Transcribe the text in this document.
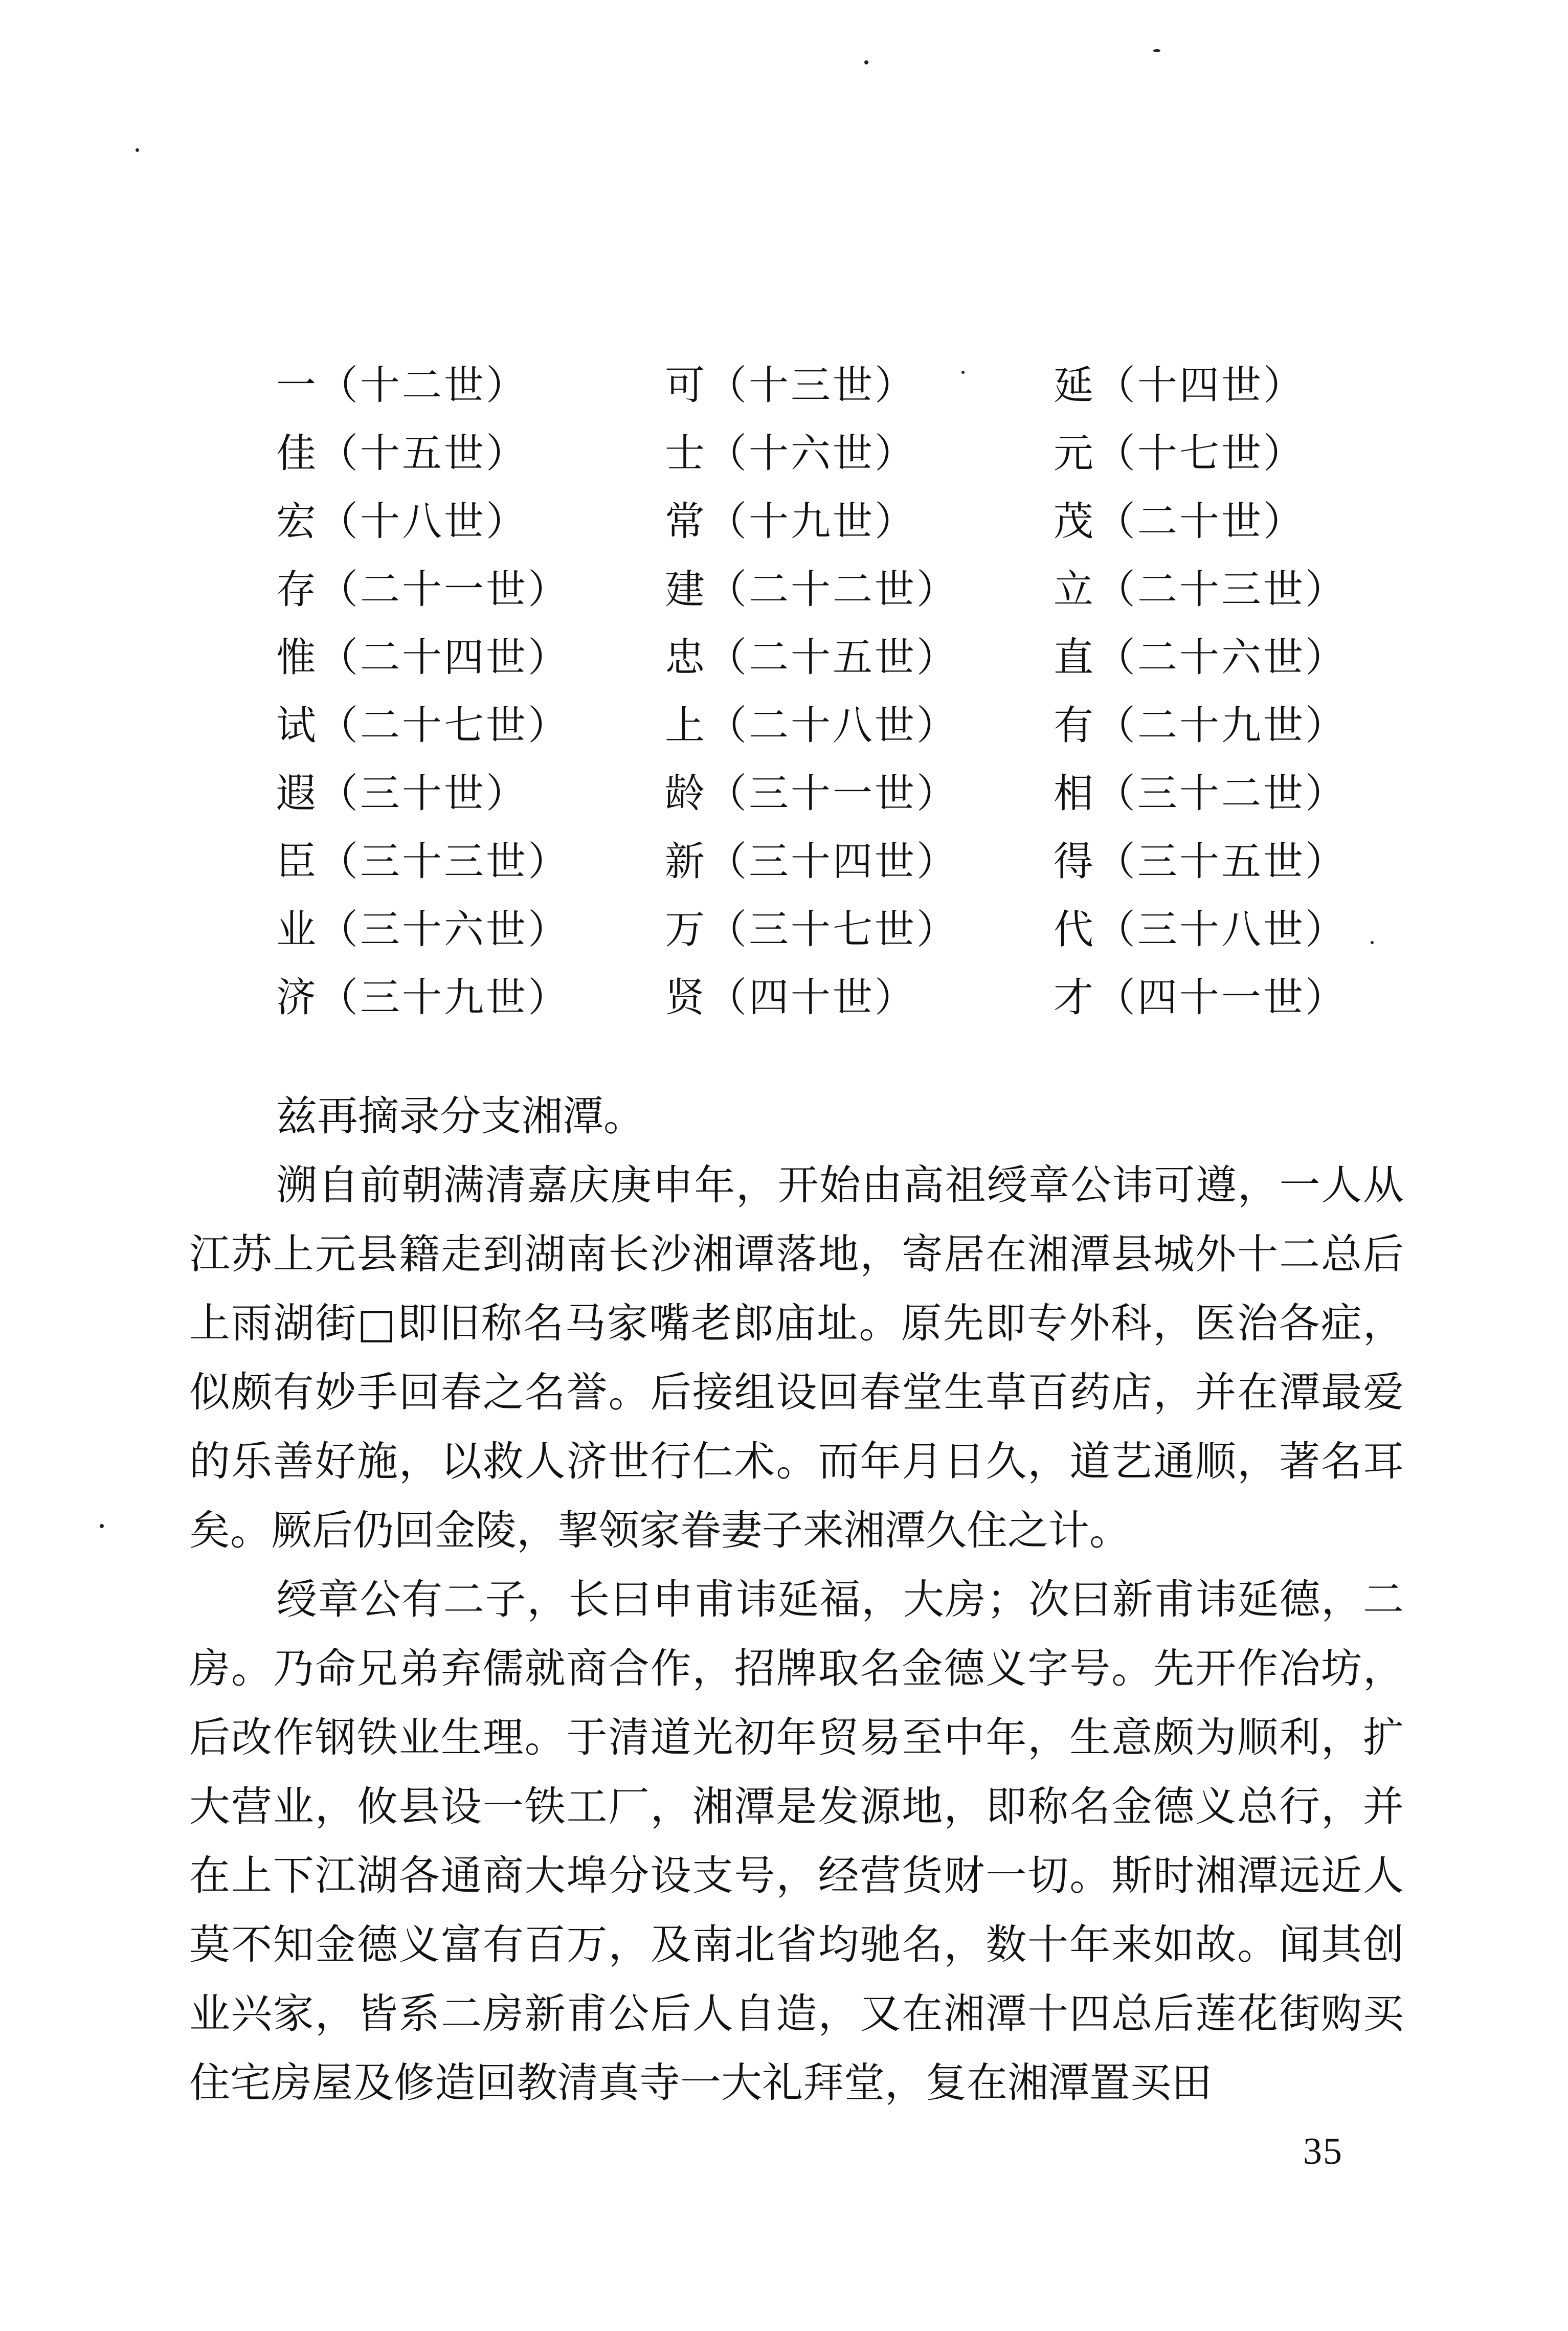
一（十二世）	可（十三世）	延（十四世）
佳（十五世）	士（十六世）	元（十七世）
宏（十八世）	常（十九世）	茂（二十世）
存（二十一世）	建（二十二世）	立（二十三世）
惟（二十四世）	忠（二十五世）	直（二十六世）
试（二十七世）	上（二十八世）	有（二十九世）
遐（三十世）	龄（三十一世）	相（三十二世）
臣（三十三世）	新（三十四世）	得（三十五世）
业（三十六世）	万（三十七世）	代（三十八世）
济（三十九世）	贤（四十世）	才（四十一世）

兹再摘录分支湘潭。

溯自前朝满清嘉庆庚申年，开始由高祖绶章公讳可遵，一人从江苏上元县籍走到湖南长沙湘谭落地，寄居在湘潭县城外十二总后上雨湖街□即旧称名马家嘴老郎庙址。原先即专外科，医治各症，似颇有妙手回春之名誉。后接组设回春堂生草百药店，并在潭最爱的乐善好施，以救人济世行仁术。而年月日久，道艺通顺，著名耳矣。厥后仍回金陵，挈领家眷妻子来湘潭久住之计。

绶章公有二子，长曰申甫讳延福，大房；次曰新甫讳延德，二房。乃命兄弟弃儒就商合作，招牌取名金德义字号。先开作冶坊，后改作钢铁业生理。于清道光初年贸易至中年，生意颇为顺利，扩大营业，攸县设一铁工厂，湘潭是发源地，即称名金德义总行，并在上下江湖各通商大埠分设支号，经营货财一切。斯时湘潭远近人莫不知金德义富有百万，及南北省均驰名，数十年来如故。闻其创业兴家，皆系二房新甫公后人自造，又在湘潭十四总后莲花街购买住宅房屋及修造回教清真寺一大礼拜堂，复在湘潭置买田

35
